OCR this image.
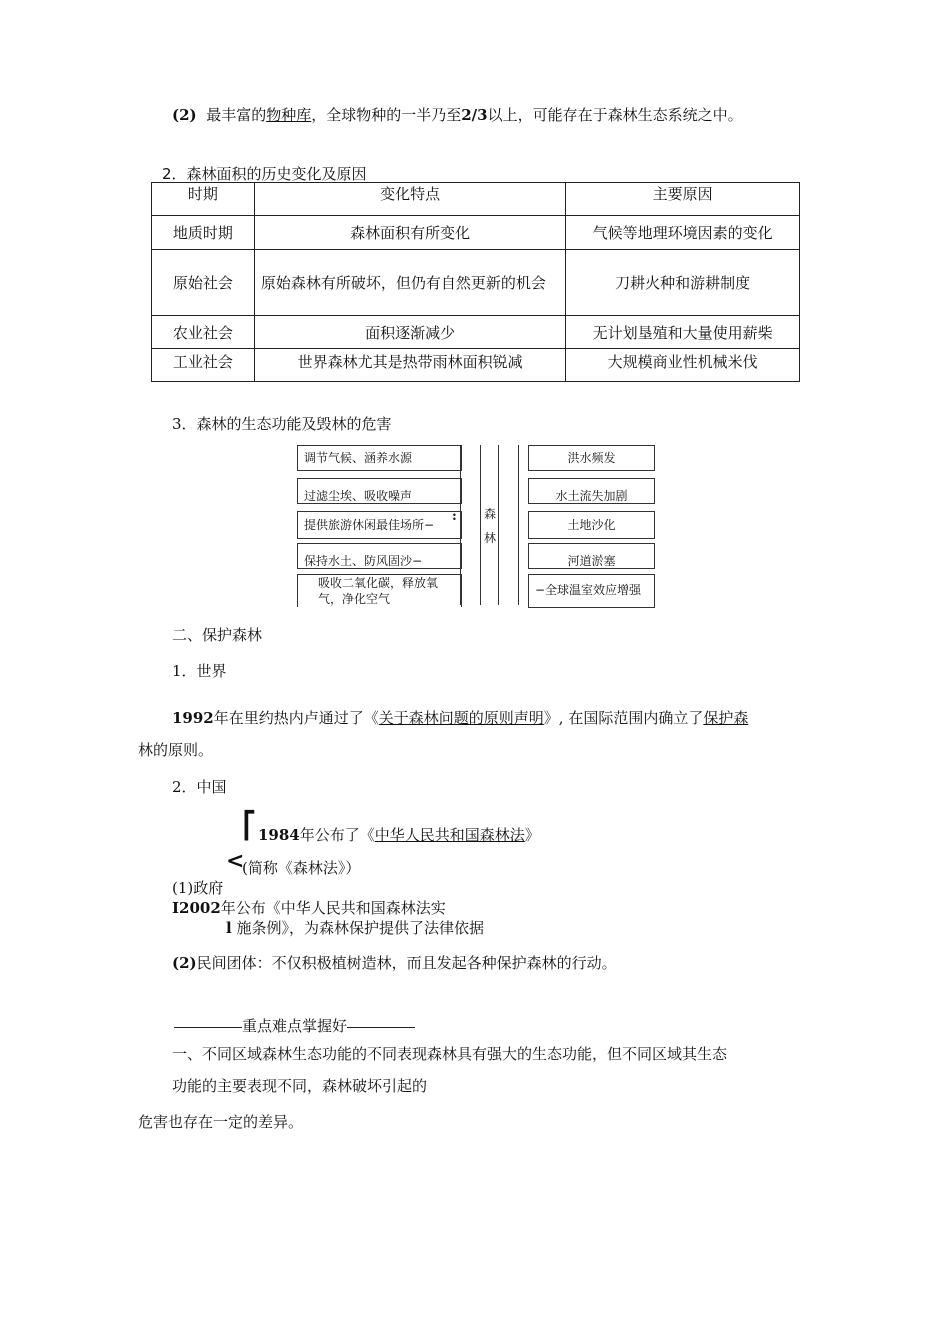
(2) 最丰富的物种库，全球物种的一半乃至2/3以上，可能存在于森林生态系统之中。
2．森林面积的历史变化及原因
时期	变化特点	主要原因
地质时期	森林面积有所变化	气候等地理环境因素的变化
原始社会	原始森林有所破坏，但仍有自然更新的机会	刀耕火种和游耕制度
农业社会	面积逐渐减少	无计划垦殖和大量使用薪柴
工业社会	世界森林尤其是热带雨林面积锐减	大规模商业性机械米伐
3．森林的生态功能及毁林的危害
调节气候、涵养水源
过滤尘埃、吸收噪声
提供旅游休闲最佳场所−
保持水土、防风固沙−
吸收二氧化碳，释放氧气，净化空气
: 森
林
洪水频发
水土流失加剧
土地沙化
河道淤塞
−全球温室效应增强
二、保护森林
1．世界
1992年在里约热内卢通过了《关于森林问题的原则声明》, 在国际范围内确立了保护森
林的原则。
2．中国
⎡ 1984年公布了《中华人民共和国森林法》
<
(简称《森林法》）
(1)政府
I2002年公布《中华人民共和国森林法实
l 施条例》，为森林保护提供了法律依据
(2)民间团体：不仅积极植树造林，而且发起各种保护森林的行动。
重点难点掌握好
一、不同区域森林生态功能的不同表现森林具有强大的生态功能，但不同区域其生态
功能的主要表现不同，森林破坏引起的
危害也存在一定的差异。
